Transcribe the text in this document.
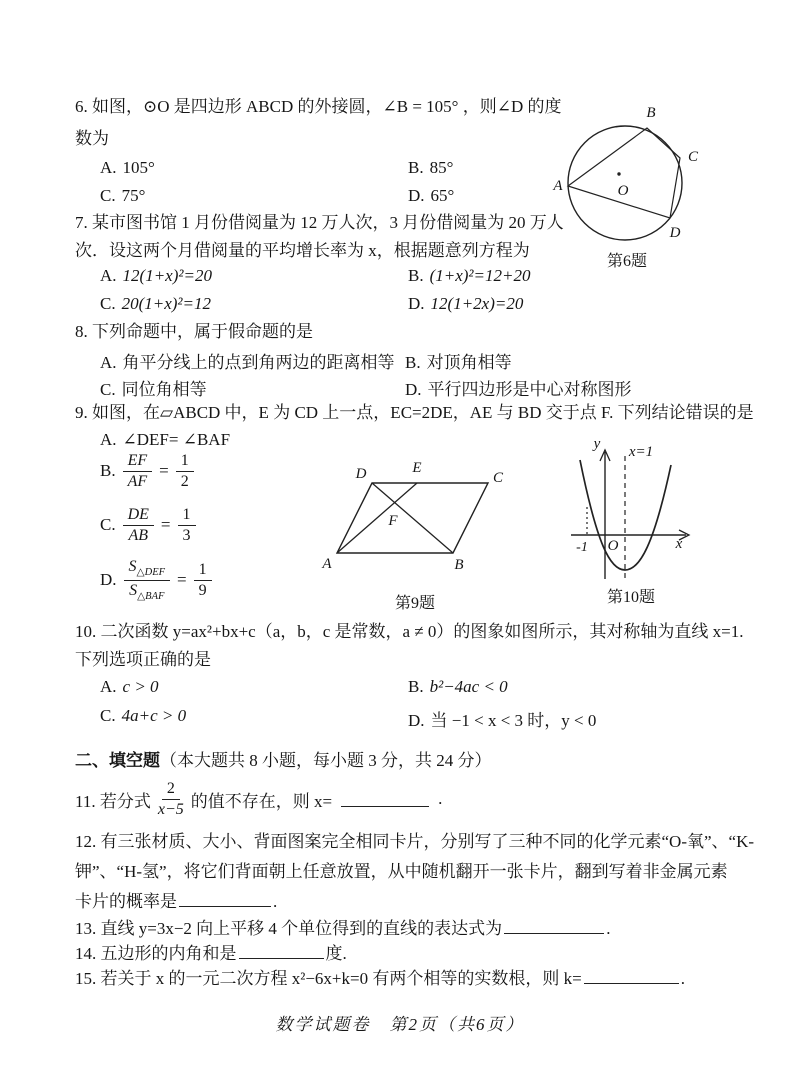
6. 如图，⊙O 是四边形 ABCD 的外接圆，∠B = 105° ，则∠D 的度
数为
A. 105°	B. 85°
C. 75°	D. 65°	O
A
B
C
D
第6题
7. 某市图书馆 1 月份借阅量为 12 万人次，3 月份借阅量为 20 万人
次．设这两个月借阅量的平均增长率为 x，根据题意列方程为
A. 12(1+x)²=20	B. (1+x)²=12+20
C. 20(1+x)²=12	D. 12(1+2x)=20
8. 下列命题中，属于假命题的是
A. 角平分线上的点到角两边的距离相等 B. 对顶角相等
C. 同位角相等	D. 平行四边形是中心对称图形
9. 如图，在▱ABCD 中，E 为 CD 上一点，EC=2DE，AE 与 BD 交于点 F. 下列结论错误的是
A. ∠DEF= ∠BAF
B. $\frac{EF}{AF} = \frac{1}{2}$
C. $\frac{DE}{AB} = \frac{1}{3}$
D. $\frac{S_{\triangle DEF}}{S_{\triangle BAF}} = \frac{1}{9}$	A	B
C
D	E
F
第9题
y x=1
O
-1	x
第10题
10. 二次函数 y=ax²+bx+c（a，b，c 是常数，a ≠ 0）的图象如图所示，其对称轴为直线 x=1.
下列选项正确的是
A. c > 0	B. b²−4ac < 0
C. 4a+c > 0	D. 当 −1 < x < 3 时，y < 0
二、填空题（本大题共 8 小题，每小题 3 分，共 24 分）
11. 若分式 $\frac{2}{x-5}$ 的值不存在，则 x=	.
12. 有三张材质、大小、背面图案完全相同卡片，分别写了三种不同的化学元素“O-氧”、“K-
钾”、“H-氢”，将它们背面朝上任意放置，从中随机翻开一张卡片，翻到写着非金属元素
卡片的概率是	.
13. 直线 y=3x−2 向上平移 4 个单位得到的直线的表达式为	.
14. 五边形的内角和是	度.
15. 若关于 x 的一元二次方程 x²−6x+k=0 有两个相等的实数根，则 k=	.
数学试题卷　第2页（共6页）
